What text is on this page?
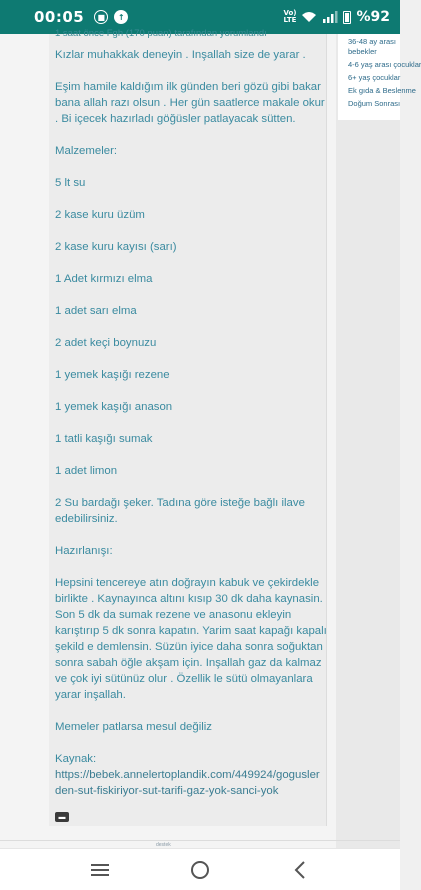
00:05	■	↑	Vo)
LTE	%92
1 saat önce Fgh (170 puan) tarafından yorumlandı

Kızlar muhakkak deneyin . Inşallah size de yarar .

Eşim hamile kaldığım ilk günden beri gözü gibi bakar bana allah razı olsun . Her gün saatlerce makale okur . Bi içecek hazırladı göğüsler patlayacak sütten.

Malzemeler:

5 lt su

2 kase kuru üzüm

2 kase kuru kayısı (sarı)

1 Adet kırmızı elma

1 adet sarı elma

2 adet keçi boynuzu

1 yemek kaşığı rezene

1 yemek kaşığı anason

1 tatli kaşığı sumak

1 adet limon

2 Su bardağı şeker. Tadına göre isteğe bağlı ilave edebilirsiniz.

Hazırlanışı:

Hepsini tencereye atın doğrayın kabuk ve çekirdekle birlikte . Kaynayınca altını kısıp 30 dk daha kaynasin. Son 5 dk da sumak rezene ve anasonu ekleyin karıştırıp 5 dk sonra kapatın. Yarim saat kapağı kapalı şekild e demlensin. Süzün iyice daha sonra soğuktan sonra sabah öğle akşam için. Inşallah gaz da kalmaz ve çok iyi sütünüz olur . Özellik le sütü olmayanlara yarar inşallah.

Memeler patlarsa mesul değiliz

Kaynak:
https://bebek.annelertoplandik.com/449924/gogusler den-sut-fiskiriyor-sut-tarifi-gaz-yok-sanci-yok

▬
36-48 ay arası bebekler
4-6 yaş arası çocuklar
6+ yaş çocuklar
Ek gıda & Beslenme
Doğum Sonrası
destek
